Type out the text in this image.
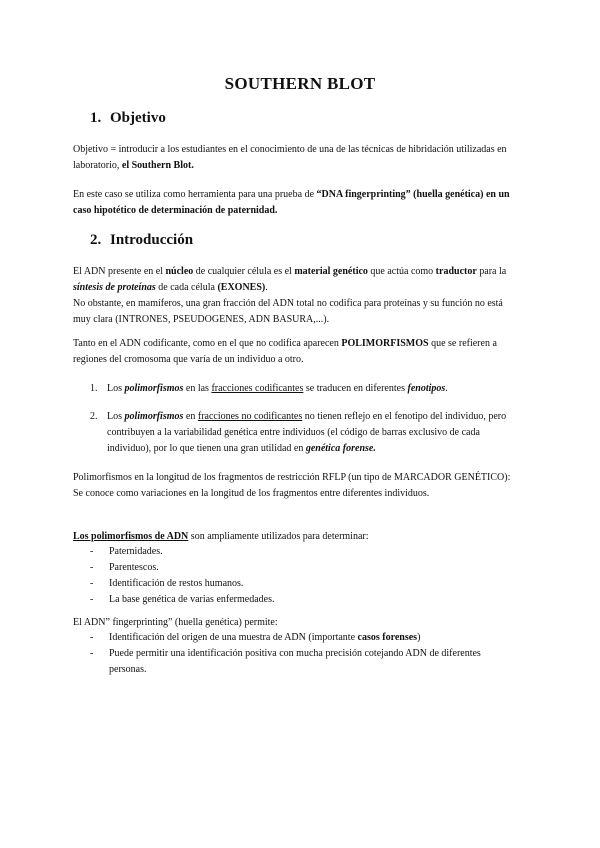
SOUTHERN BLOT
1. Objetivo
Objetivo = introducir a los estudiantes en el conocimiento de una de las técnicas de hibridación utilizadas en laboratorio, el Southern Blot.
En este caso se utiliza como herramienta para una prueba de “DNA fingerprinting” (huella genética) en un caso hipotético de determinación de paternidad.
2. Introducción
El ADN presente en el núcleo de cualquier célula es el material genético que actúa como traductor para la síntesis de proteínas de cada célula (EXONES).
No obstante, en mamíferos, una gran fracción del ADN total no codifica para proteínas y su función no está muy clara (INTRONES, PSEUDOGENES, ADN BASURA,...).
Tanto en el ADN codificante, como en el que no codifica aparecen POLIMORFISMOS que se refieren a regiones del cromosoma que varía de un individuo a otro.
1. Los polimorfismos en las fracciones codificantes se traducen en diferentes fenotipos.
2. Los polimorfismos en fracciones no codificantes no tienen reflejo en el fenotipo del individuo, pero contribuyen a la variabilidad genética entre individuos (el código de barras exclusivo de cada individuo), por lo que tienen una gran utilidad en genética forense.
Polimorfismos en la longitud de los fragmentos de restricción RFLP (un tipo de MARCADOR GENÉTICO): Se conoce como variaciones en la longitud de los fragmentos entre diferentes individuos.
Los polimorfismos de ADN son ampliamente utilizados para determinar:
- Paternidades.
- Parentescos.
- Identificación de restos humanos.
- La base genética de varias enfermedades.
El ADN” fingerprinting” (huella genética) permite:
- Identificación del origen de una muestra de ADN (importante casos forenses)
- Puede permitir una identificación positiva con mucha precisión cotejando ADN de diferentes personas.
